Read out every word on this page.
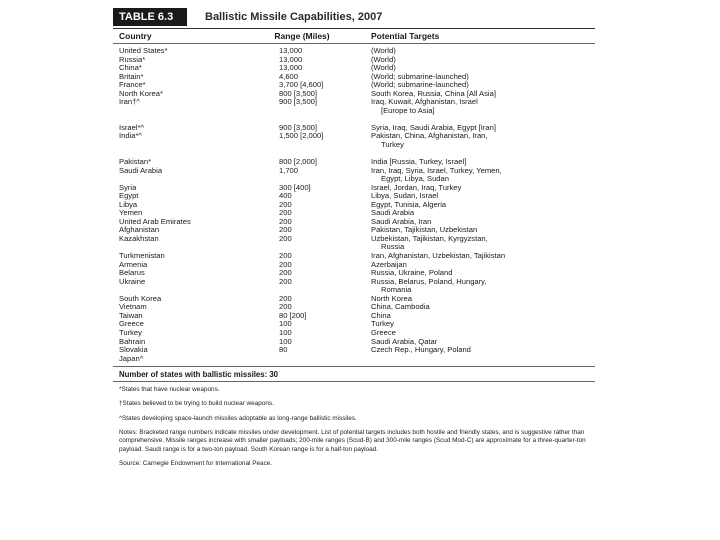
TABLE 6.3	Ballistic Missile Capabilities, 2007
Country	Range (Miles)	Potential Targets
United States*	13,000	(World)
Russia*	13,000	(World)
China*	13,000	(World)
Britain*	4,600	(World; submarine-launched)
France*	3,700 [4,600]	(World; submarine-launched)
North Korea*	800 [3,500]	South Korea, Russia, China [All Asia]
Iran†^	900 [3,500]	Iraq, Kuwait, Afghanistan, Israel
[Europe to Asia]
Israel*^	900 [3,500]	Syria, Iraq, Saudi Arabia, Egypt [Iran]
India*^	1,500 [2,000]	Pakistan, China, Afghanistan, Iran,
Turkey
Pakistan*	800 [2,000]	India [Russia, Turkey, Israel]
Saudi Arabia	1,700	Iran, Iraq, Syria, Israel, Turkey, Yemen,
Egypt, Libya, Sudan
Syria	300 [400]	Israel, Jordan, Iraq, Turkey
Egypt	400	Libya, Sudan, Israel
Libya	200	Egypt, Tunisia, Algeria
Yemen	200	Saudi Arabia
United Arab Emirates	200	Saudi Arabia, Iran
Afghanistan	200	Pakistan, Tajikistan, Uzbekistan
Kazakhstan	200	Uzbekistan, Tajikistan, Kyrgyzstan,
Russia
Turkmenistan	200	Iran, Afghanistan, Uzbekistan, Tajikistan
Armenia	200	Azerbaijan
Belarus	200	Russia, Ukraine, Poland
Ukraine	200	Russia, Belarus, Poland, Hungary,
Romania
South Korea	200	North Korea
Vietnam	200	China, Cambodia
Taiwan	80 [200]	China
Greece	100	Turkey
Turkey	100	Greece
Bahrain	100	Saudi Arabia, Qatar
Slovakia	80	Czech Rep., Hungary, Poland
Japan^
Number of states with ballistic missiles: 30

*States that have nuclear weapons.

†States believed to be trying to build nuclear weapons.

^States developing space-launch missiles adoptable as long-range ballistic missiles.

Notes: Bracketed range numbers indicate missiles under development. List of potential targets includes both hostile and friendly states, and is suggestive rather than comprehensive. Missile ranges increase with smaller payloads; 200-mile ranges (Scud-B) and 300-mile ranges (Scud Mod-C) are approximate for a three-quarter-ton payload. Saudi range is for a two-ton payload. South Korean range is for a half-ton payload.

Source: Carnegie Endowment for International Peace.
